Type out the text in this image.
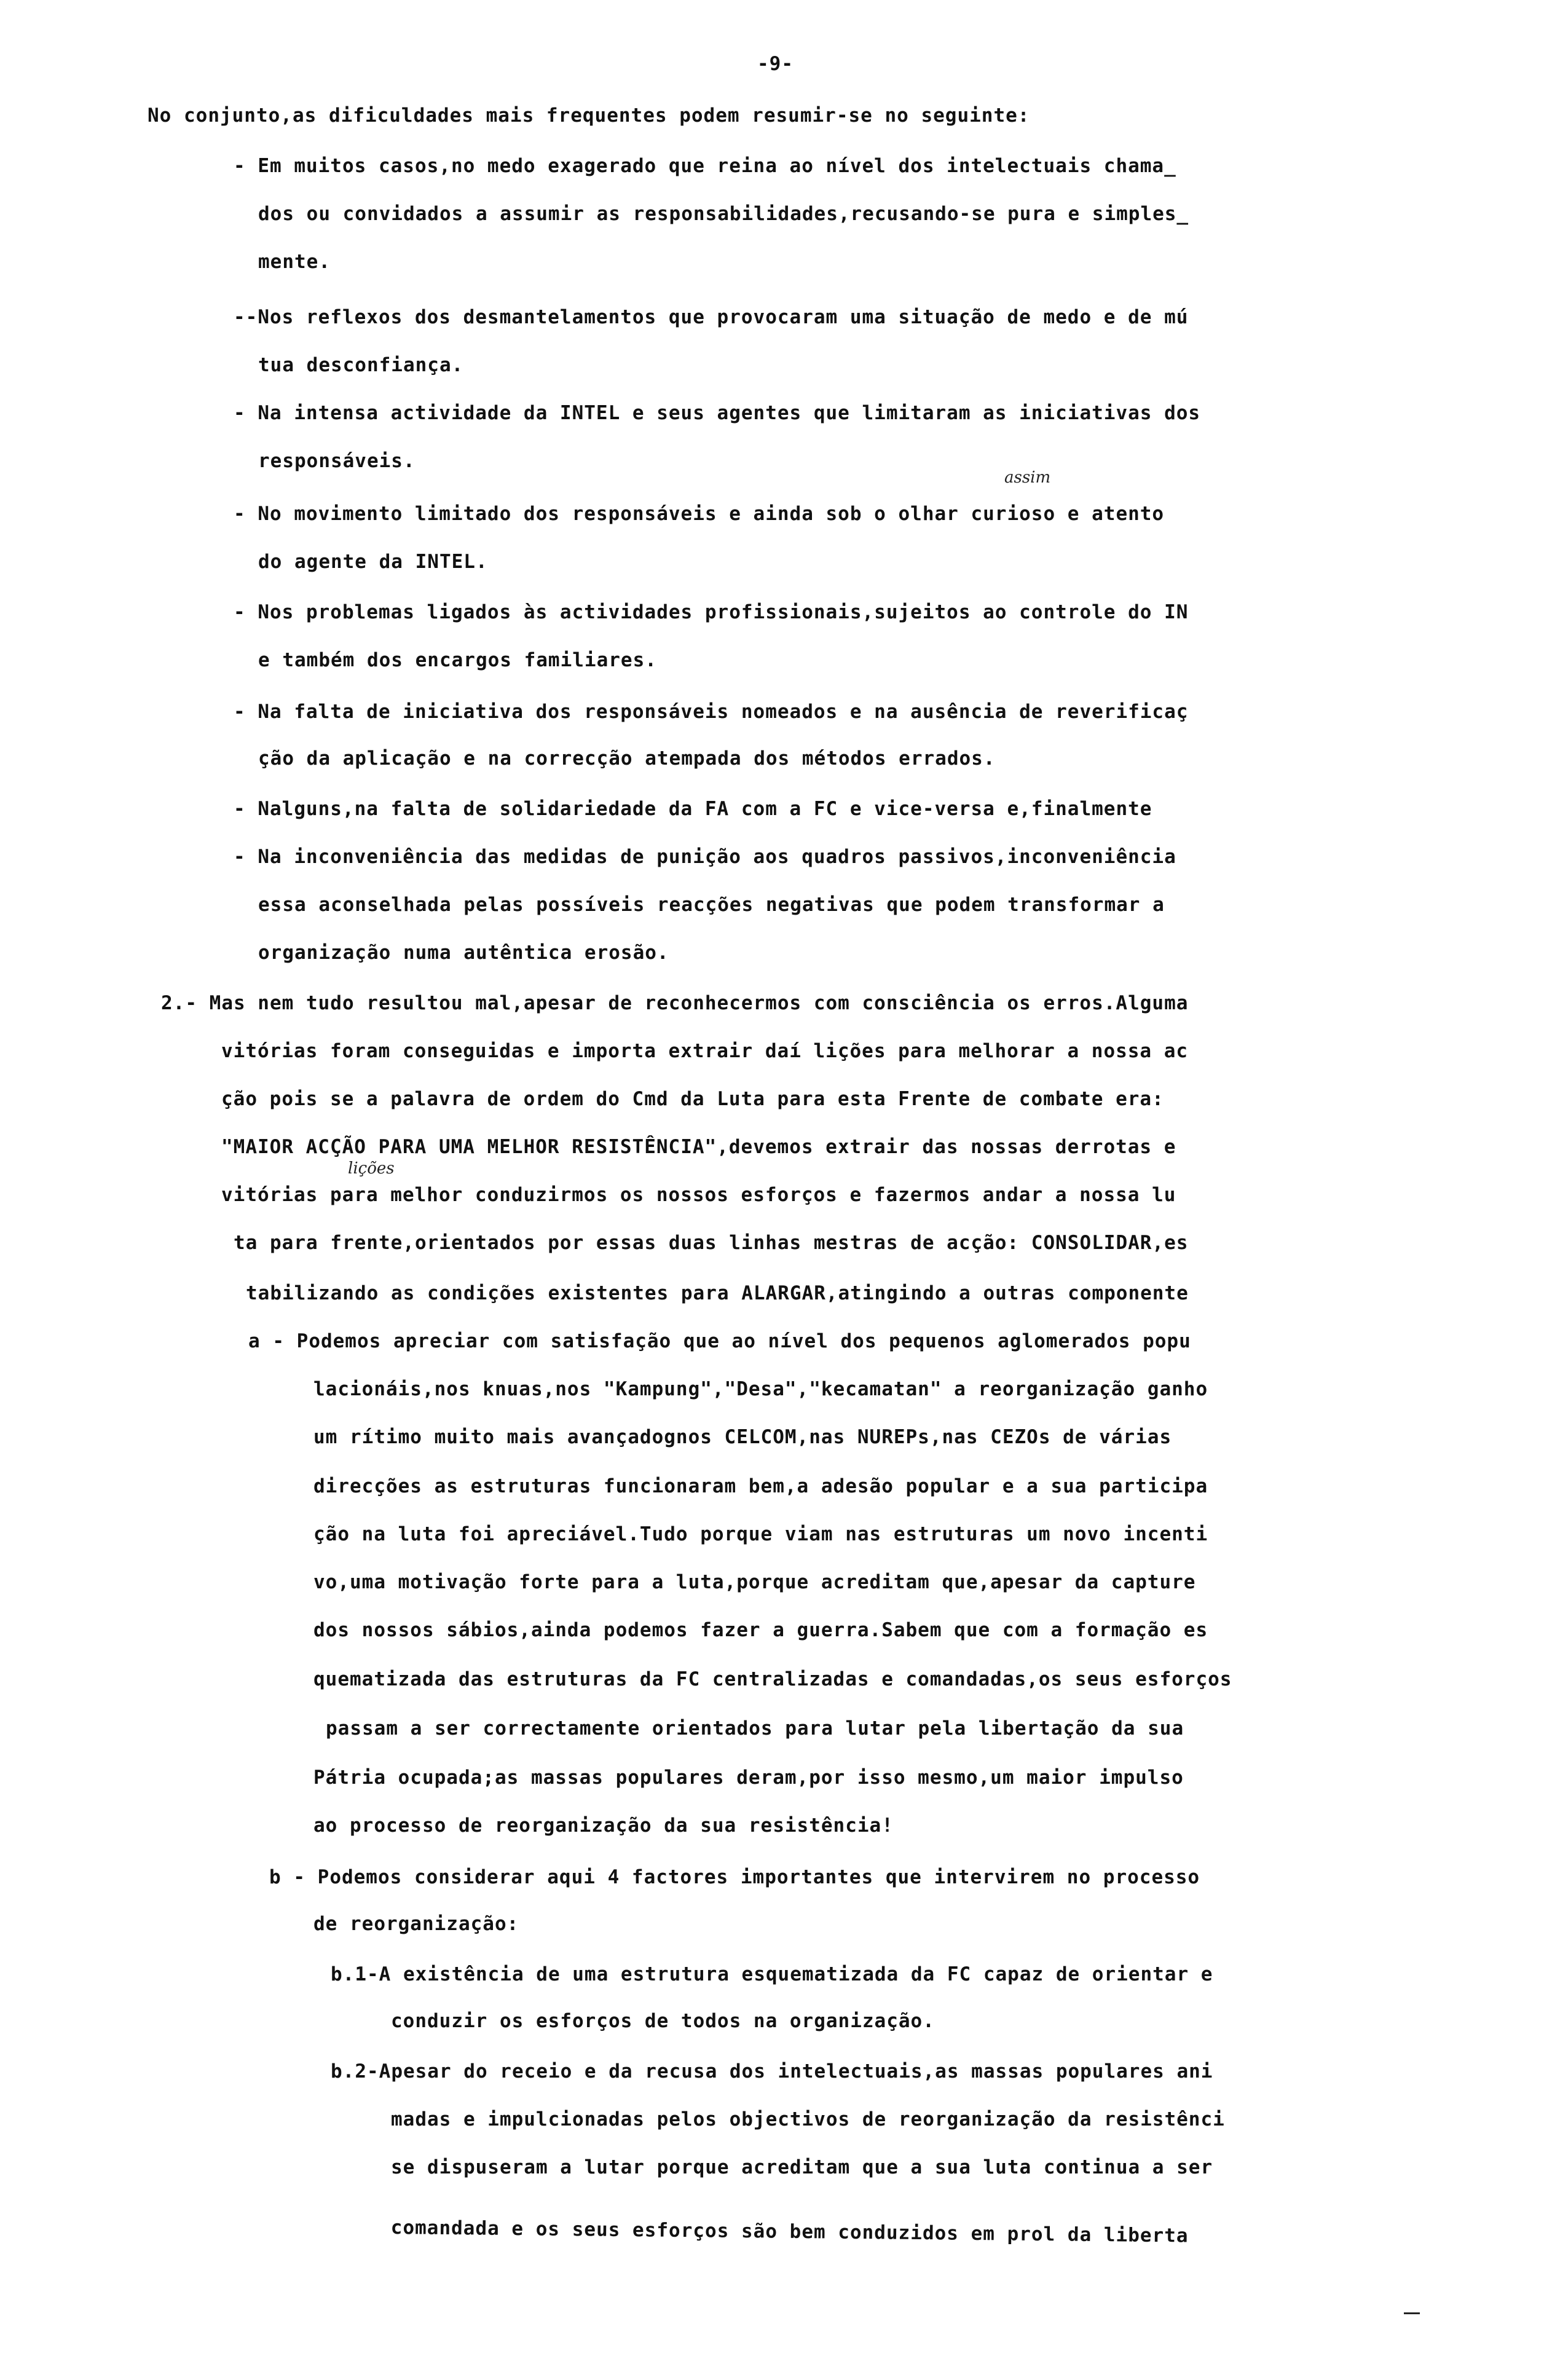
-9-
No conjunto,as dificuldades mais frequentes podem resumir-se no seguinte:
- Em muitos casos,no medo exagerado que reina ao nível dos intelectuais chama_
dos ou convidados a assumir as responsabilidades,recusando-se pura e simples_
mente.
--Nos reflexos dos desmantelamentos que provocaram uma situação de medo e de mú
tua desconfiança.
- Na intensa actividade da INTEL e seus agentes que limitaram as iniciativas dos
responsáveis.
assim
- No movimento limitado dos responsáveis e ainda sob o olhar curioso e atento
do agente da INTEL.
- Nos problemas ligados às actividades profissionais,sujeitos ao controle do IN
e também dos encargos familiares.
- Na falta de iniciativa dos responsáveis nomeados e na ausência de reverificaç
ção da aplicação e na correcção atempada dos métodos errados.
- Nalguns,na falta de solidariedade da FA com a FC e vice-versa e,finalmente
- Na inconveniência das medidas de punição aos quadros passivos,inconveniência
essa aconselhada pelas possíveis reacções negativas que podem transformar a
organização numa autêntica erosão.
2.- Mas nem tudo resultou mal,apesar de reconhecermos com consciência os erros.Alguma
vitórias foram conseguidas e importa extrair daí lições para melhorar a nossa ac
ção pois se a palavra de ordem do Cmd da Luta para esta Frente de combate era:
"MAIOR ACÇÃO PARA UMA MELHOR RESISTÊNCIA",devemos extrair das nossas derrotas e
lições
vitórias para melhor conduzirmos os nossos esforços e fazermos andar a nossa lu
ta para frente,orientados por essas duas linhas mestras de acção: CONSOLIDAR,es
tabilizando as condições existentes para ALARGAR,atingindo a outras componente
a - Podemos apreciar com satisfação que ao nível dos pequenos aglomerados popu
lacionáis,nos knuas,nos "Kampung","Desa","kecamatan" a reorganização ganho
um rítimo muito mais avançadognos CELCOM,nas NUREPs,nas CEZOs de várias
direcções as estruturas funcionaram bem,a adesão popular e a sua participa
ção na luta foi apreciável.Tudo porque viam nas estruturas um novo incenti
vo,uma motivação forte para a luta,porque acreditam que,apesar da capture
dos nossos sábios,ainda podemos fazer a guerra.Sabem que com a formação es
quematizada das estruturas da FC centralizadas e comandadas,os seus esforços
passam a ser correctamente orientados para lutar pela libertação da sua
Pátria ocupada;as massas populares deram,por isso mesmo,um maior impulso
ao processo de reorganização da sua resistência!
b - Podemos considerar aqui 4 factores importantes que intervirem no processo
de reorganização:
b.1-A existência de uma estrutura esquematizada da FC capaz de orientar e
conduzir os esforços de todos na organização.
b.2-Apesar do receio e da recusa dos intelectuais,as massas populares ani
madas e impulcionadas pelos objectivos de reorganização da resistênci
se dispuseram a lutar porque acreditam que a sua luta continua a ser
comandada e os seus esforços são bem conduzidos em prol da liberta
